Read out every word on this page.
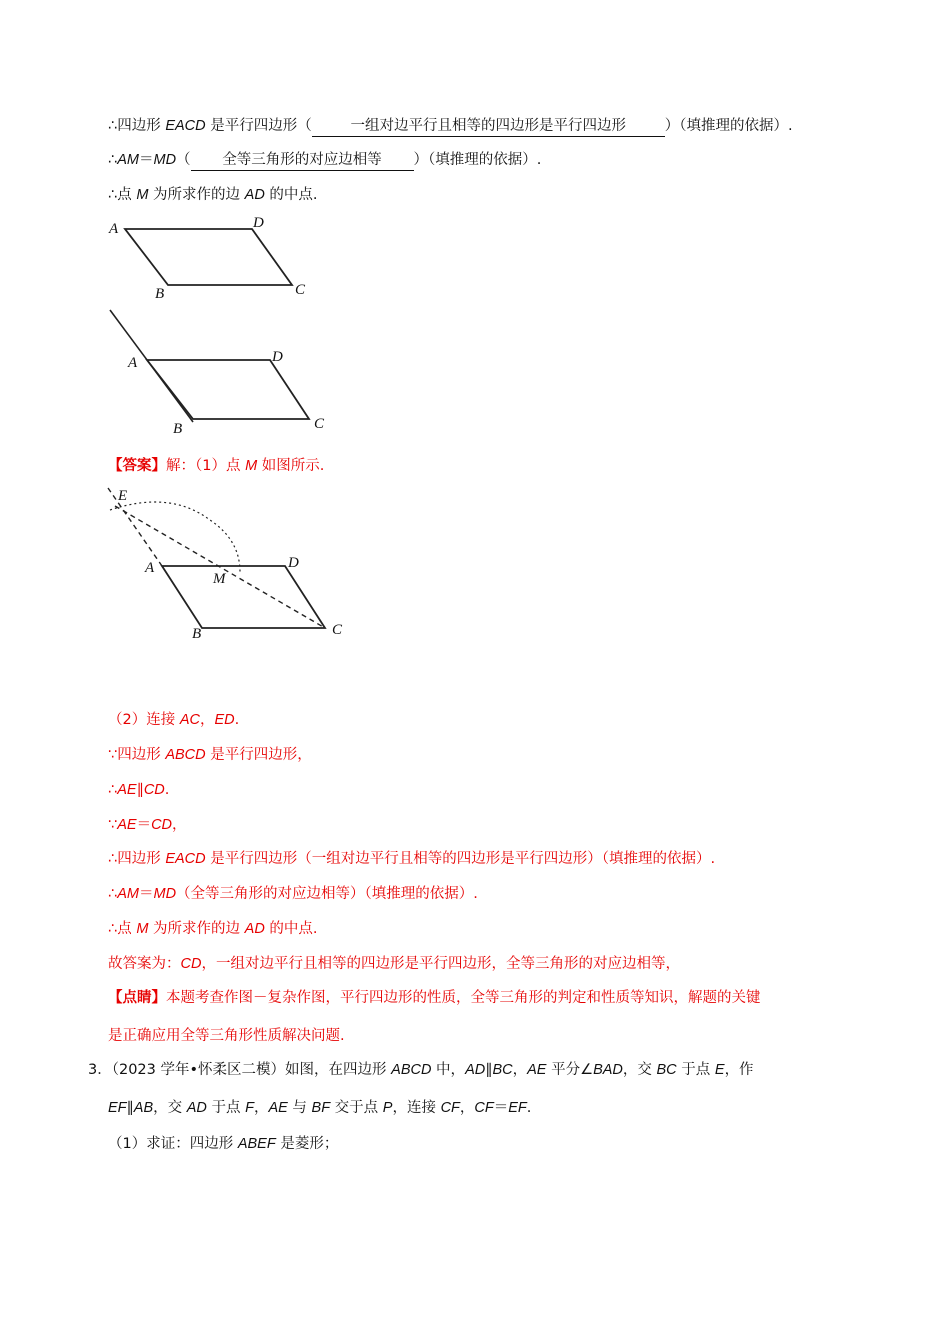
∴四边形 EACD 是平行四边形（	一组对边平行且相等的四边形是平行四边形	）（填推理的依据）.
∴AM＝MD（ 全等三角形的对应边相等 ）（填推理的依据）.
∴点 M 为所求作的边 AD 的中点.
A	D
C
B
A	D
C
B
【答案】解：（1）点 M 如图所示.
E
A
M
D
C
B
（2）连接 AC，ED.
∵四边形 ABCD 是平行四边形，
∴AE∥CD.
∵AE＝CD，
∴四边形 EACD 是平行四边形（一组对边平行且相等的四边形是平行四边形）（填推理的依据）.
∴AM＝MD（全等三角形的对应边相等）（填推理的依据）.
∴点 M 为所求作的边 AD 的中点.
故答案为：CD，一组对边平行且相等的四边形是平行四边形，全等三角形的对应边相等，
【点睛】本题考查作图－复杂作图，平行四边形的性质，全等三角形的判定和性质等知识，解题的关键
是正确应用全等三角形性质解决问题.
3．（2023 学年•怀柔区二模）如图，在四边形 ABCD 中，AD∥BC，AE 平分∠BAD，交 BC 于点 E，作
EF∥AB，交 AD 于点 F，AE 与 BF 交于点 P，连接 CF，CF＝EF.
（1）求证：四边形 ABEF 是菱形；
